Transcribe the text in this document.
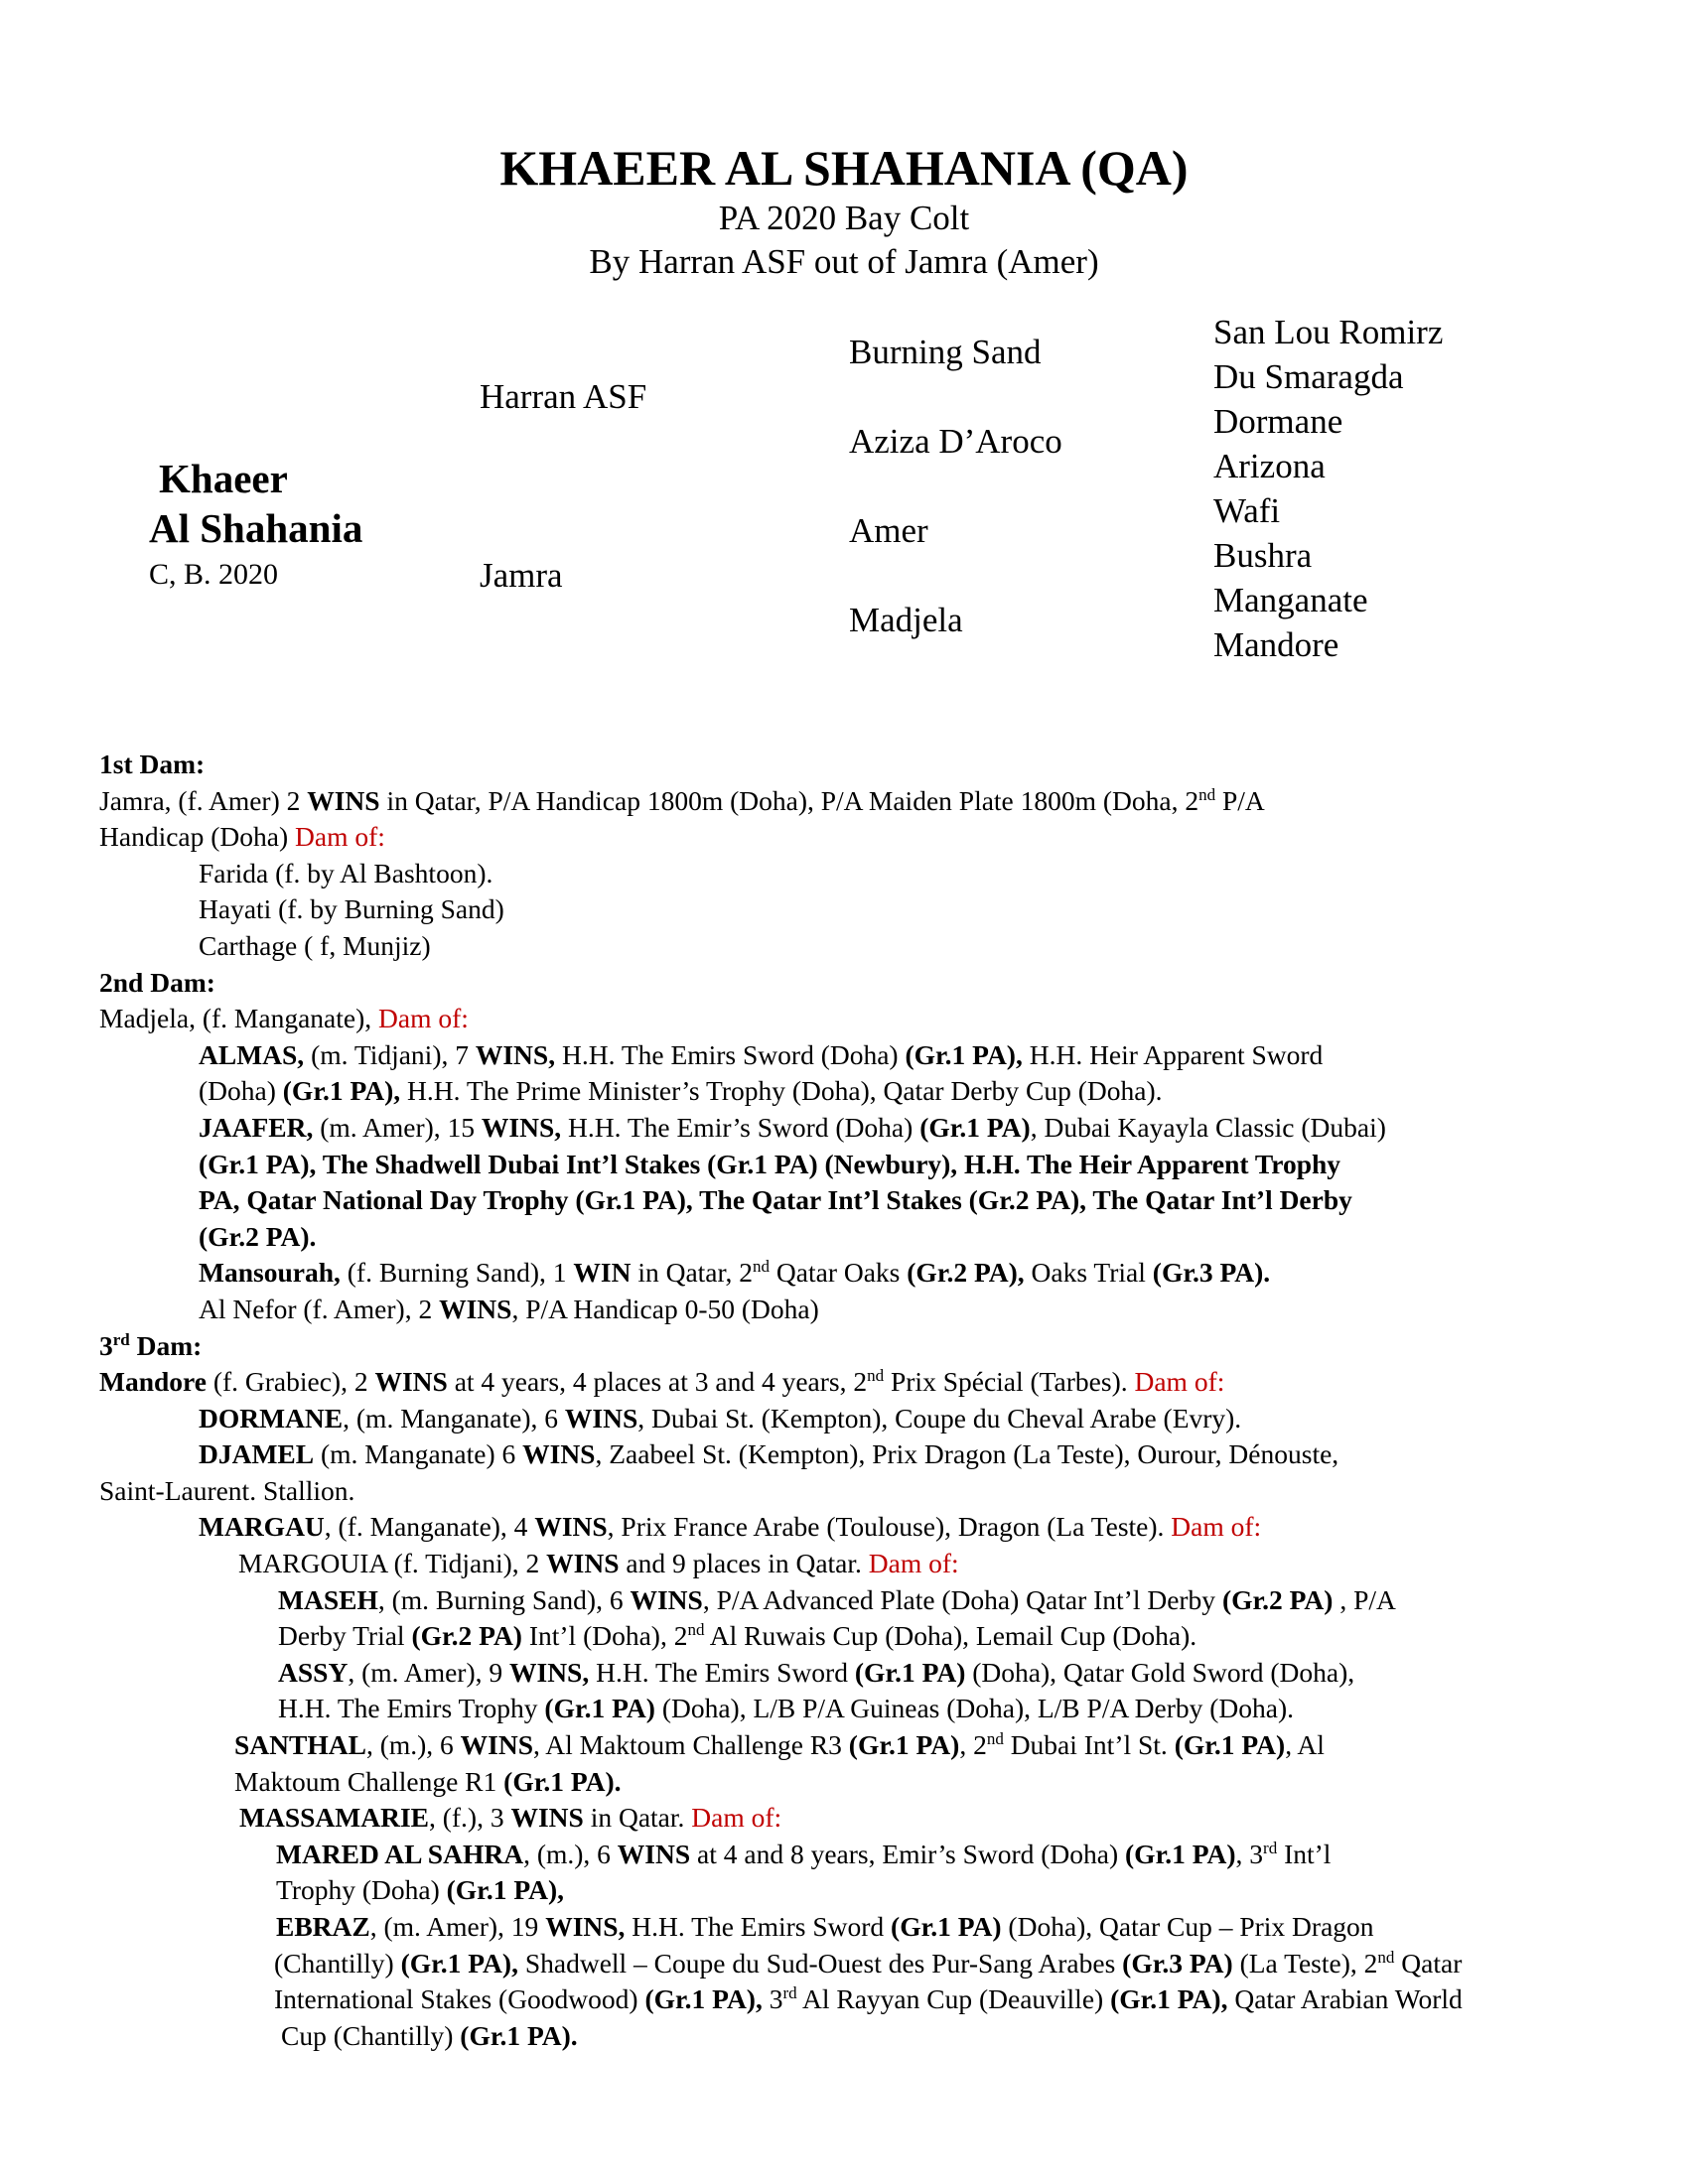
KHAEER AL SHAHANIA (QA)
PA 2020 Bay Colt
By Harran ASF out of Jamra (Amer)
Khaeer
Al Shahania
C, B. 2020
Harran ASF
Jamra
Burning Sand
Aziza D’Aroco
Amer
Madjela
San Lou Romirz
Du Smaragda
Dormane
Arizona
Wafi
Bushra
Manganate
Mandore

1st Dam:

Jamra, (f. Amer) 2 WINS in Qatar, P/A Handicap 1800m (Doha), P/A Maiden Plate 1800m (Doha, 2nd P/A

Handicap (Doha) Dam of:

Farida (f. by Al Bashtoon).

Hayati (f. by Burning Sand)

Carthage ( f, Munjiz)

2nd Dam:

Madjela, (f. Manganate), Dam of:

ALMAS, (m. Tidjani), 7 WINS, H.H. The Emirs Sword (Doha) (Gr.1 PA), H.H. Heir Apparent Sword

(Doha) (Gr.1 PA), H.H. The Prime Minister’s Trophy (Doha), Qatar Derby Cup (Doha).

JAAFER, (m. Amer), 15 WINS, H.H. The Emir’s Sword (Doha) (Gr.1 PA), Dubai Kayayla Classic (Dubai)

(Gr.1 PA), The Shadwell Dubai Int’l Stakes (Gr.1 PA) (Newbury), H.H. The Heir Apparent Trophy

PA, Qatar National Day Trophy (Gr.1 PA), The Qatar Int’l Stakes (Gr.2 PA), The Qatar Int’l Derby

(Gr.2 PA).

Mansourah, (f. Burning Sand), 1 WIN in Qatar, 2nd Qatar Oaks (Gr.2 PA), Oaks Trial (Gr.3 PA).

Al Nefor (f. Amer), 2 WINS, P/A Handicap 0-50 (Doha)

3rd Dam:

Mandore (f. Grabiec), 2 WINS at 4 years, 4 places at 3 and 4 years, 2nd Prix Spécial (Tarbes). Dam of:

DORMANE, (m. Manganate), 6 WINS, Dubai St. (Kempton), Coupe du Cheval Arabe (Evry).

DJAMEL (m. Manganate) 6 WINS, Zaabeel St. (Kempton), Prix Dragon (La Teste), Ourour, Dénouste,

Saint-Laurent. Stallion.

MARGAU, (f. Manganate), 4 WINS, Prix France Arabe (Toulouse), Dragon (La Teste). Dam of:

MARGOUIA (f. Tidjani), 2 WINS and 9 places in Qatar. Dam of:

MASEH, (m. Burning Sand), 6 WINS, P/A Advanced Plate (Doha) Qatar Int’l Derby (Gr.2 PA) , P/A

Derby Trial (Gr.2 PA) Int’l (Doha), 2nd Al Ruwais Cup (Doha), Lemail Cup (Doha).

ASSY, (m. Amer), 9 WINS, H.H. The Emirs Sword (Gr.1 PA) (Doha), Qatar Gold Sword (Doha),

H.H. The Emirs Trophy (Gr.1 PA) (Doha), L/B P/A Guineas (Doha), L/B P/A Derby (Doha).

SANTHAL, (m.), 6 WINS, Al Maktoum Challenge R3 (Gr.1 PA), 2nd Dubai Int’l St. (Gr.1 PA), Al

Maktoum Challenge R1 (Gr.1 PA).

MASSAMARIE, (f.), 3 WINS in Qatar. Dam of:

MARED AL SAHRA, (m.), 6 WINS at 4 and 8 years, Emir’s Sword (Doha) (Gr.1 PA), 3rd Int’l

Trophy (Doha) (Gr.1 PA),

EBRAZ, (m. Amer), 19 WINS, H.H. The Emirs Sword (Gr.1 PA) (Doha), Qatar Cup – Prix Dragon

(Chantilly) (Gr.1 PA), Shadwell – Coupe du Sud-Ouest des Pur-Sang Arabes (Gr.3 PA) (La Teste), 2nd Qatar

International Stakes (Goodwood) (Gr.1 PA), 3rd Al Rayyan Cup (Deauville) (Gr.1 PA), Qatar Arabian World

Cup (Chantilly) (Gr.1 PA).
